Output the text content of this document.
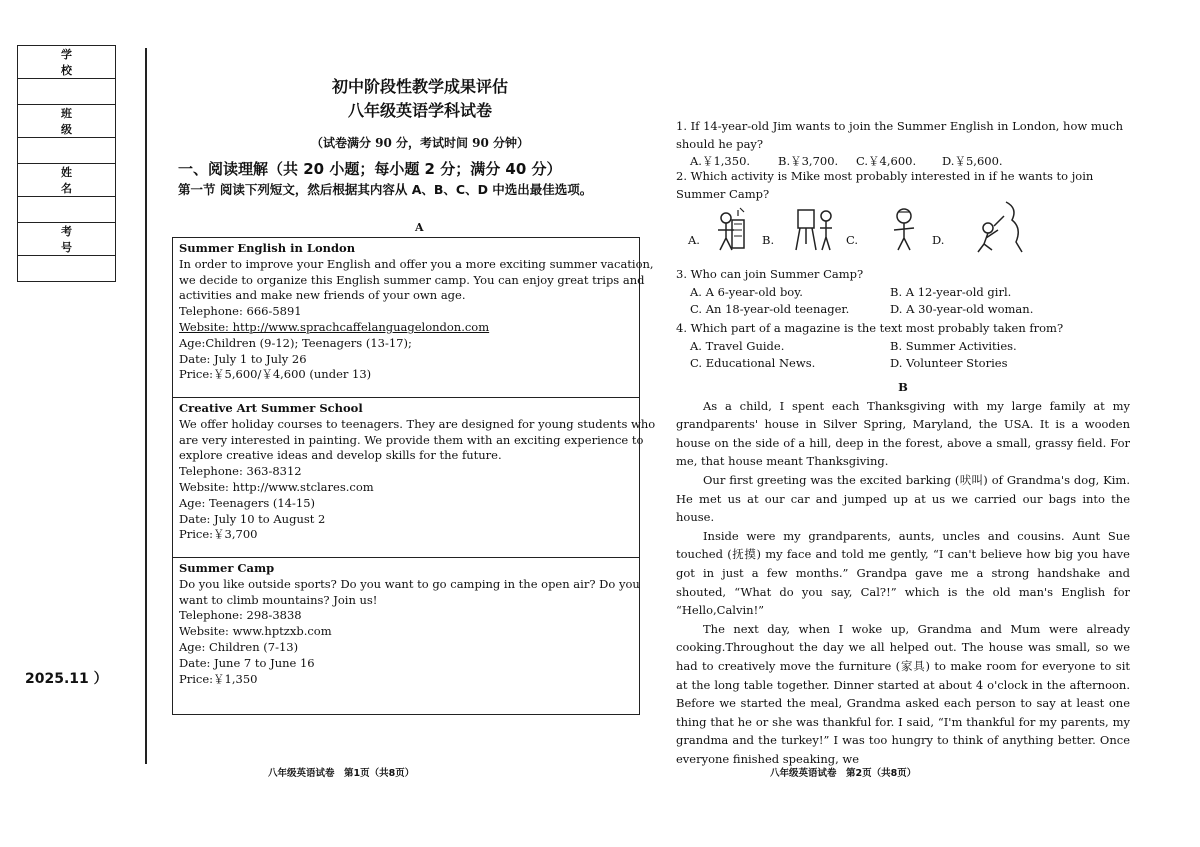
学校

班级

姓名

考号

2025.11 ）
初中阶段性教学成果评估
八年级英语学科试卷
（试卷满分 90 分，考试时间 90 分钟）
一、阅读理解（共 20 小题；每小题 2 分；满分 40 分）
第一节 阅读下列短文，然后根据其内容从 A、B、C、D 中选出最佳选项。
A
Summer English in London
In order to improve your English and offer you a more exciting summer vacation,
we decide to organize this English summer camp. You can enjoy great trips and
activities and make new friends of your own age.
Telephone: 666-5891
Website: http://www.sprachcaffelanguagelondon.com
Age:Children (9-12); Teenagers (13-17);
Date: July 1 to July 26
Price:￥5,600/￥4,600 (under 13)
Creative Art Summer School
We offer holiday courses to teenagers. They are designed for young students who
are very interested in painting. We provide them with an exciting experience to
explore creative ideas and develop skills for the future.
Telephone: 363-8312
Website: http://www.stclares.com
Age: Teenagers (14-15)
Date: July 10 to August 2
Price:￥3,700
Summer Camp
Do you like outside sports? Do you want to go camping in the open air? Do you
want to climb mountains? Join us!
Telephone: 298-3838
Website: www.hptzxb.com
Age: Children (7-13)
Date: June 7 to June 16
Price:￥1,350
八年级英语试卷　第1页（共8页）	八年级英语试卷　第2页（共8页）

1. If 14-year-old Jim wants to join the Summer English in London, how much should he pay?

A.￥1,350.	B.￥3,700.	C.￥4,600.	D.￥5,600.

2. Which activity is Mike most probably interested in if he wants to join Summer Camp?

A.	B.	C.	D.

3. Who can join Summer Camp?

A. A 6-year-old boy.	B. A 12-year-old girl.
C. An 18-year-old teenager.	D. A 30-year-old woman.

4. Which part of a magazine is the text most probably taken from?

A. Travel Guide.	B. Summer Activities.
C. Educational News.	D. Volunteer Stories
B

As a child, I spent each Thanksgiving with my large family at my grandparents' house in Silver Spring, Maryland, the USA. It is a wooden house on the side of a hill, deep in the forest, above a small, grassy field. For me, that house meant Thanksgiving.

Our first greeting was the excited barking (吠叫) of Grandma's dog, Kim. He met us at our car and jumped up at us we carried our bags into the house.

Inside were my grandparents, aunts, uncles and cousins. Aunt Sue touched (抚摸) my face and told me gently, “I can't believe how big you have got in just a few months.” Grandpa gave me a strong handshake and shouted, “What do you say, Cal?!” which is the old man's English for “Hello,Calvin!”

The next day, when I woke up, Grandma and Mum were already cooking.Throughout the day we all helped out. The house was small, so we had to creatively move the furniture (家具) to make room for everyone to sit at the long table together. Dinner started at about 4 o'clock in the afternoon. Before we started the meal, Grandma asked each person to say at least one thing that he or she was thankful for. I said, “I'm thankful for my parents, my grandma and the turkey!” I was too hungry to think of anything better. Once everyone finished speaking, we
